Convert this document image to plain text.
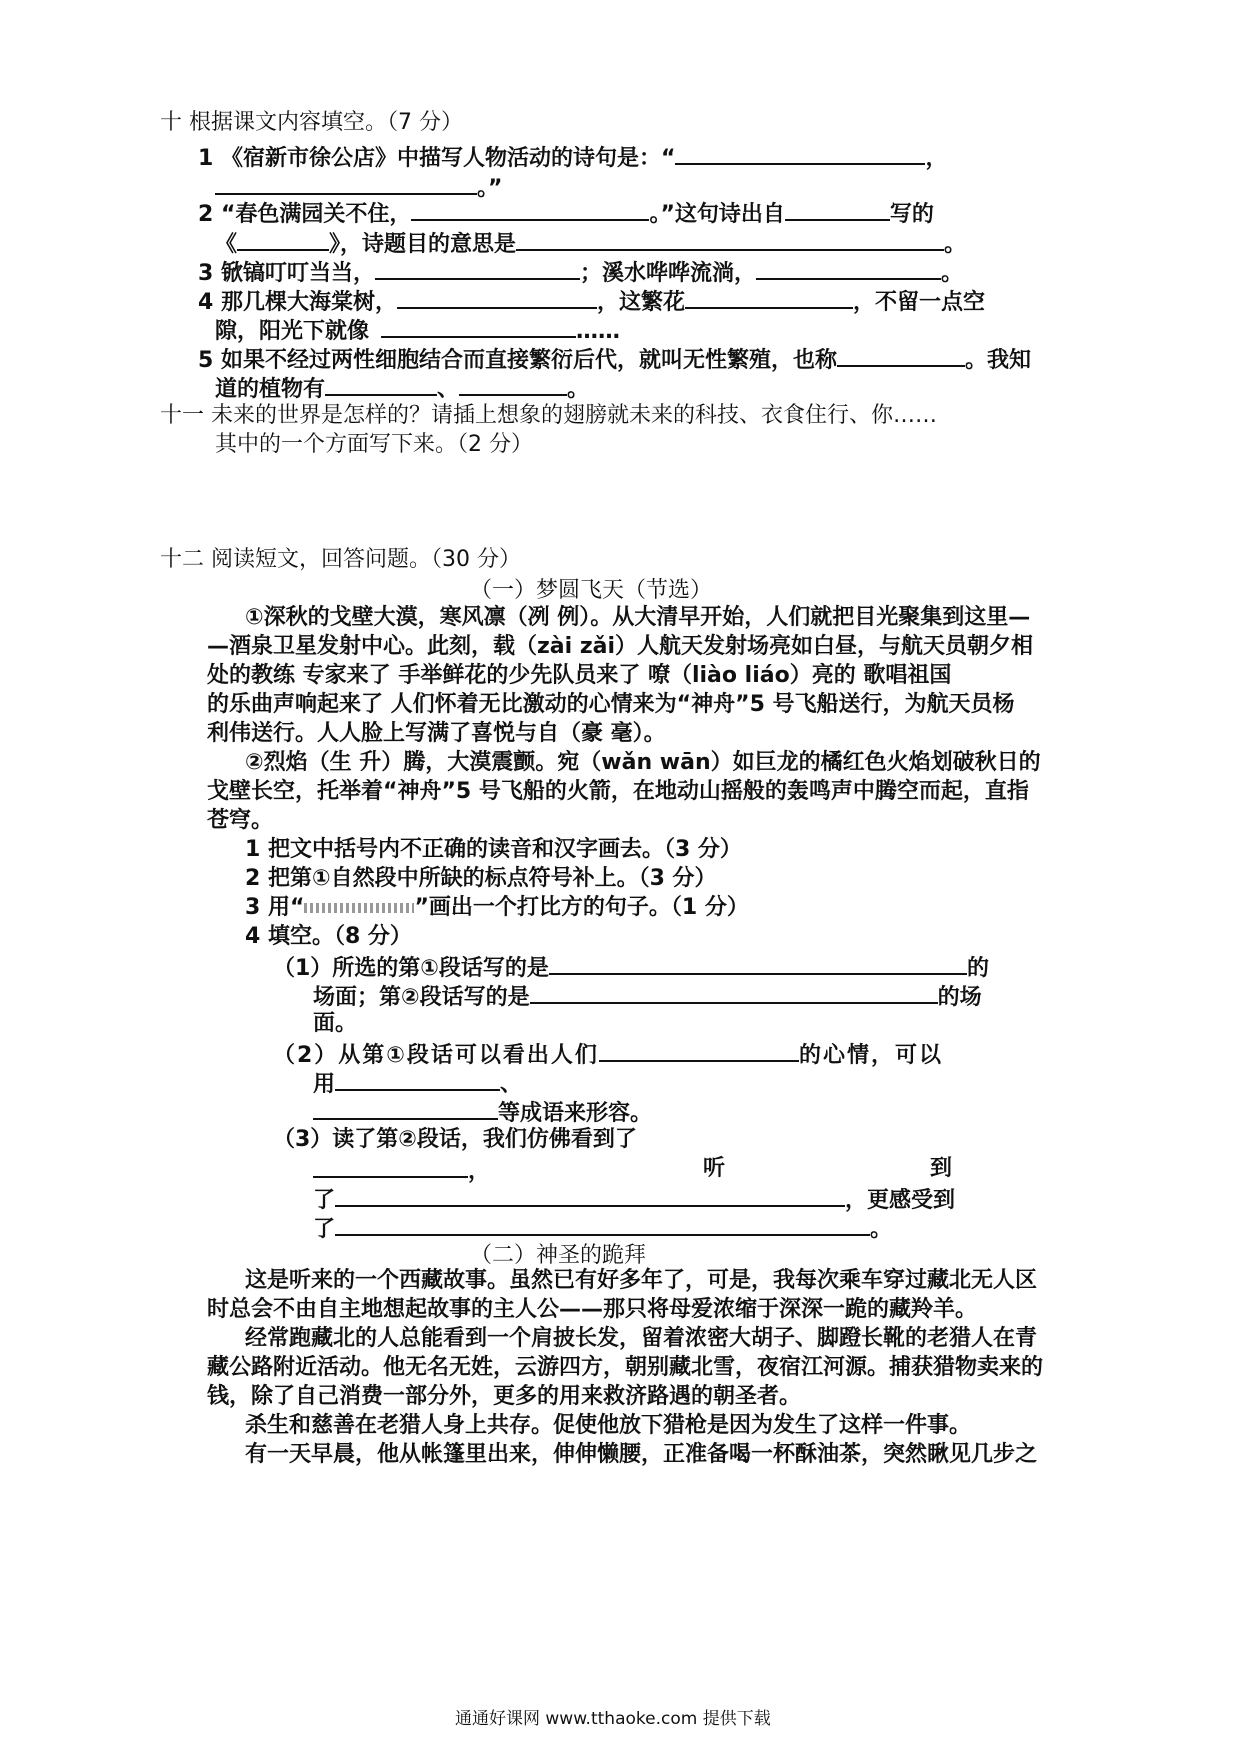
十 根据课文内容填空。（7 分）
1 《宿新市徐公店》中描写人物活动的诗句是：“	，
。”
2 “春色满园关不住，	。”这句诗出自	写的
《	》，诗题目的意思是	。
3 锨镐叮叮当当，	；溪水哗哗流淌，	。
4 那几棵大海棠树，	，这繁花	，不留一点空
隙，阳光下就像	……
5 如果不经过两性细胞结合而直接繁衍后代，就叫无性繁殖，也称	。我知
道的植物有	、	。
十一 未来的世界是怎样的？请插上想象的翅膀就未来的科技、衣食住行、你……
其中的一个方面写下来。（2 分）
十二 阅读短文，回答问题。（30 分）
（一）梦圆飞天（节选）
①深秋的戈壁大漠，寒风凛（冽 例）。从大清早开始，人们就把目光聚集到这里—
—酒泉卫星发射中心。此刻，载（zài zǎi）人航天发射场亮如白昼，与航天员朝夕相
处的教练 专家来了 手举鲜花的少先队员来了 嘹（liào liáo）亮的 歌唱祖国
的乐曲声响起来了 人们怀着无比激动的心情来为“神舟”5 号飞船送行，为航天员杨
利伟送行。人人脸上写满了喜悦与自（豪 毫）。
②烈焰（生 升）腾，大漠震颤。宛（wǎn wān）如巨龙的橘红色火焰划破秋日的
戈壁长空，托举着“神舟”5 号飞船的火箭，在地动山摇般的轰鸣声中腾空而起，直指
苍穹。
1 把文中括号内不正确的读音和汉字画去。（3 分）
2 把第①自然段中所缺的标点符号补上。（3 分）
3 用“	”画出一个打比方的句子。（1 分）
4 填空。（8 分）
（1）所选的第①段话写的是	的
场面；第②段话写的是	的场
面。
（2）从第①段话可以看出人们	的心情，可以
用	、
等成语来形容。
（3）读了第②段话，我们仿佛看到了
，	听	到
了	，更感受到
了	。
（二）神圣的跪拜
这是听来的一个西藏故事。虽然已有好多年了，可是，我每次乘车穿过藏北无人区
时总会不由自主地想起故事的主人公——那只将母爱浓缩于深深一跪的藏羚羊。
经常跑藏北的人总能看到一个肩披长发，留着浓密大胡子、脚蹬长靴的老猎人在青
藏公路附近活动。他无名无姓，云游四方，朝别藏北雪，夜宿江河源。捕获猎物卖来的
钱，除了自己消费一部分外，更多的用来救济路遇的朝圣者。
杀生和慈善在老猎人身上共存。促使他放下猎枪是因为发生了这样一件事。
有一天早晨，他从帐篷里出来，伸伸懒腰，正准备喝一杯酥油茶，突然瞅见几步之
通通好课网 www.tthaoke.com 提供下载
